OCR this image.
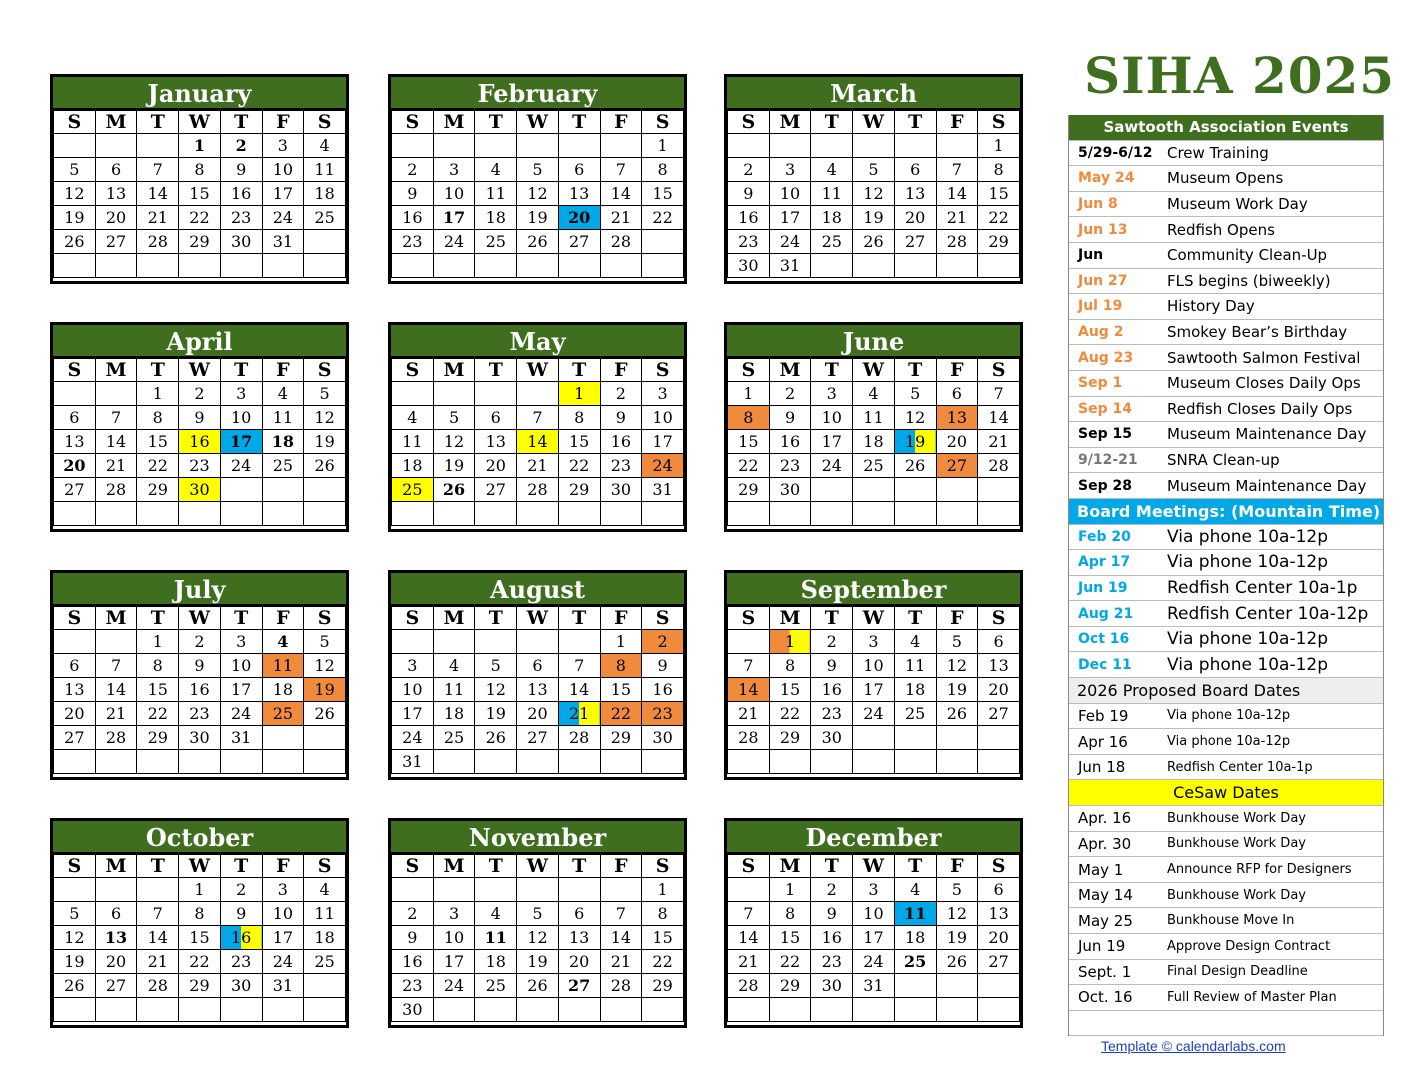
SIHA 2025
January
S	M	T	W	T	F	S
			1	2	3	4
5	6	7	8	9	10	11
12	13	14	15	16	17	18
19	20	21	22	23	24	25
26	27	28	29	30	31	

February
S	M	T	W	T	F	S
						1
2	3	4	5	6	7	8
9	10	11	12	13	14	15
16	17	18	19	20	21	22
23	24	25	26	27	28	

March
S	M	T	W	T	F	S
						1
2	3	4	5	6	7	8
9	10	11	12	13	14	15
16	17	18	19	20	21	22
23	24	25	26	27	28	29
30	31					
April
S	M	T	W	T	F	S
		1	2	3	4	5
6	7	8	9	10	11	12
13	14	15	16	17	18	19
20	21	22	23	24	25	26
27	28	29	30			

May
S	M	T	W	T	F	S
				1	2	3
4	5	6	7	8	9	10
11	12	13	14	15	16	17
18	19	20	21	22	23	24
25	26	27	28	29	30	31

June
S	M	T	W	T	F	S
1	2	3	4	5	6	7
8	9	10	11	12	13	14
15	16	17	18	19	20	21
22	23	24	25	26	27	28
29	30					

July
S	M	T	W	T	F	S
		1	2	3	4	5
6	7	8	9	10	11	12
13	14	15	16	17	18	19
20	21	22	23	24	25	26
27	28	29	30	31		

August
S	M	T	W	T	F	S
					1	2
3	4	5	6	7	8	9
10	11	12	13	14	15	16
17	18	19	20	21	22	23
24	25	26	27	28	29	30
31						
September
S	M	T	W	T	F	S
	1	2	3	4	5	6
7	8	9	10	11	12	13
14	15	16	17	18	19	20
21	22	23	24	25	26	27
28	29	30				

October
S	M	T	W	T	F	S
			1	2	3	4
5	6	7	8	9	10	11
12	13	14	15	16	17	18
19	20	21	22	23	24	25
26	27	28	29	30	31	

November
S	M	T	W	T	F	S
						1
2	3	4	5	6	7	8
9	10	11	12	13	14	15
16	17	18	19	20	21	22
23	24	25	26	27	28	29
30						
December
S	M	T	W	T	F	S
	1	2	3	4	5	6
7	8	9	10	11	12	13
14	15	16	17	18	19	20
21	22	23	24	25	26	27
28	29	30	31			

Sawtooth Association Events
5/29-6/12 Crew Training
May 24	Museum Opens
Jun 8	Museum Work Day
Jun 13	Redfish Opens
Jun	Community Clean-Up
Jun 27	FLS begins (biweekly)
Jul 19	History Day
Aug 2	Smokey Bear’s Birthday
Aug 23	Sawtooth Salmon Festival
Sep 1	Museum Closes Daily Ops
Sep 14	Redfish Closes Daily Ops
Sep 15	Museum Maintenance Day
9/12-21	SNRA Clean-up
Sep 28	Museum Maintenance Day
Board Meetings: (Mountain Time)
Feb 20	Via phone 10a-12p
Apr 17	Via phone 10a-12p
Jun 19	Redfish Center 10a-1p
Aug 21	Redfish Center 10a-12p
Oct 16	Via phone 10a-12p
Dec 11	Via phone 10a-12p
2026 Proposed Board Dates
Feb 19	Via phone 10a-12p
Apr 16	Via phone 10a-12p
Jun 18	Redfish Center 10a-1p
CeSaw Dates
Apr. 16	Bunkhouse Work Day
Apr. 30	Bunkhouse Work Day
May 1	Announce RFP for Designers
May 14	Bunkhouse Work Day
May 25	Bunkhouse Move In
Jun 19	Approve Design Contract
Sept. 1	Final Design Deadline
Oct. 16	Full Review of Master Plan
Template © calendarlabs.com
